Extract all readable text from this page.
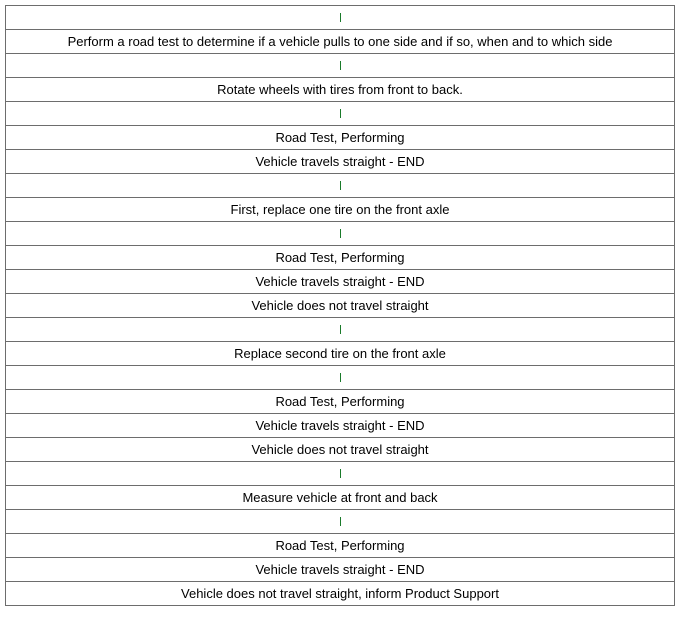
Perform a road test to determine if a vehicle pulls to one side and if so, when and to which side

Rotate wheels with tires from front to back.

Road Test, Performing
Vehicle travels straight - END

First, replace one tire on the front axle

Road Test, Performing
Vehicle travels straight - END
Vehicle does not travel straight

Replace second tire on the front axle

Road Test, Performing
Vehicle travels straight - END
Vehicle does not travel straight

Measure vehicle at front and back

Road Test, Performing
Vehicle travels straight - END
Vehicle does not travel straight, inform Product Support
